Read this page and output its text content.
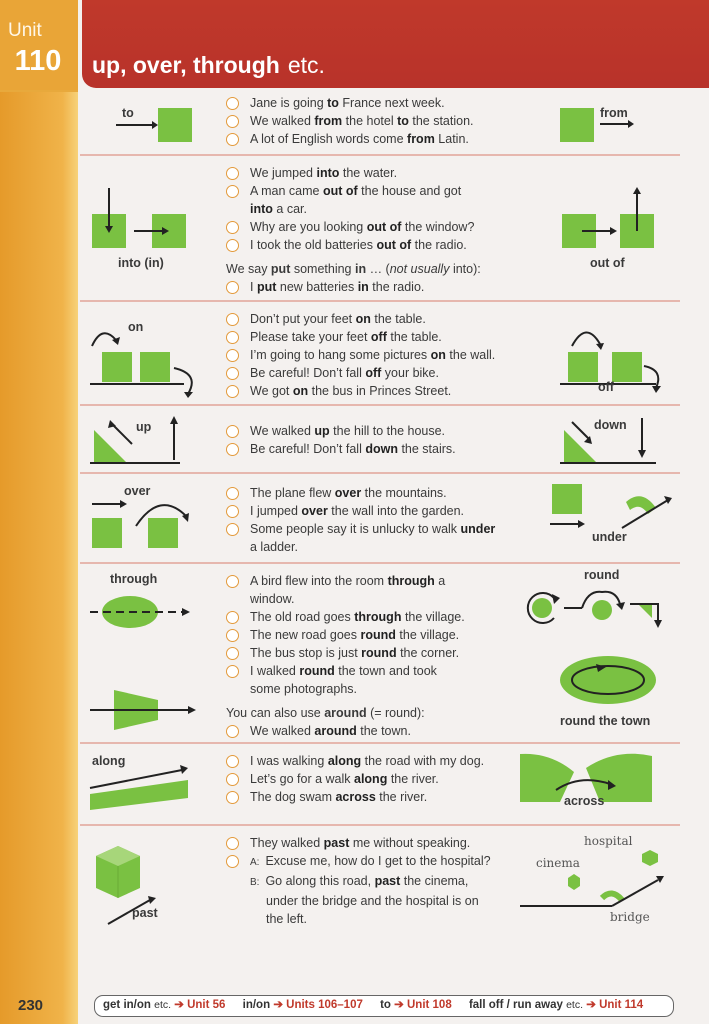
Unit
110	up, over, through etc.
to
Jane is going to France next week.
We walked from the hotel to the station.
A lot of English words come from Latin.
from
into (in)
We jumped into the water.
A man came out of the house and got
into a car.
Why are you looking out of the window?
I took the old batteries out of the radio.
We say put something in … (not usually into):
I put new batteries in the radio.
out of
on
Don’t put your feet on the table.
Please take your feet off the table.
I’m going to hang some pictures on the wall.
Be careful! Don’t fall off your bike.
We got on the bus in Princes Street.	off
up	We walked up the hill to the house.
Be careful! Don’t fall down the stairs.
down
over	The plane flew over the mountains.
I jumped over the wall into the garden.
Some people say it is unlucky to walk under
a ladder.
under
through	A bird flew into the room through a
window.
The old road goes through the village.
The new road goes round the village.
The bus stop is just round the corner.
I walked round the town and took
some photographs.
You can also use around (= round):
We walked around the town.
round
round the town
along	I was walking along the road with my dog.
Let’s go for a walk along the river.
The dog swam across the river.	across
past
They walked past me without speaking.
A: Excuse me, how do I get to the hospital?
B: Go along this road, past the cinema,
under the bridge and the hospital is on
the left.
hospital
cinema
bridge
230	get in/on etc. ➔ Unit 56 in/on ➔ Units 106–107 to ➔ Unit 108 fall off / run away etc. ➔ Unit 114
